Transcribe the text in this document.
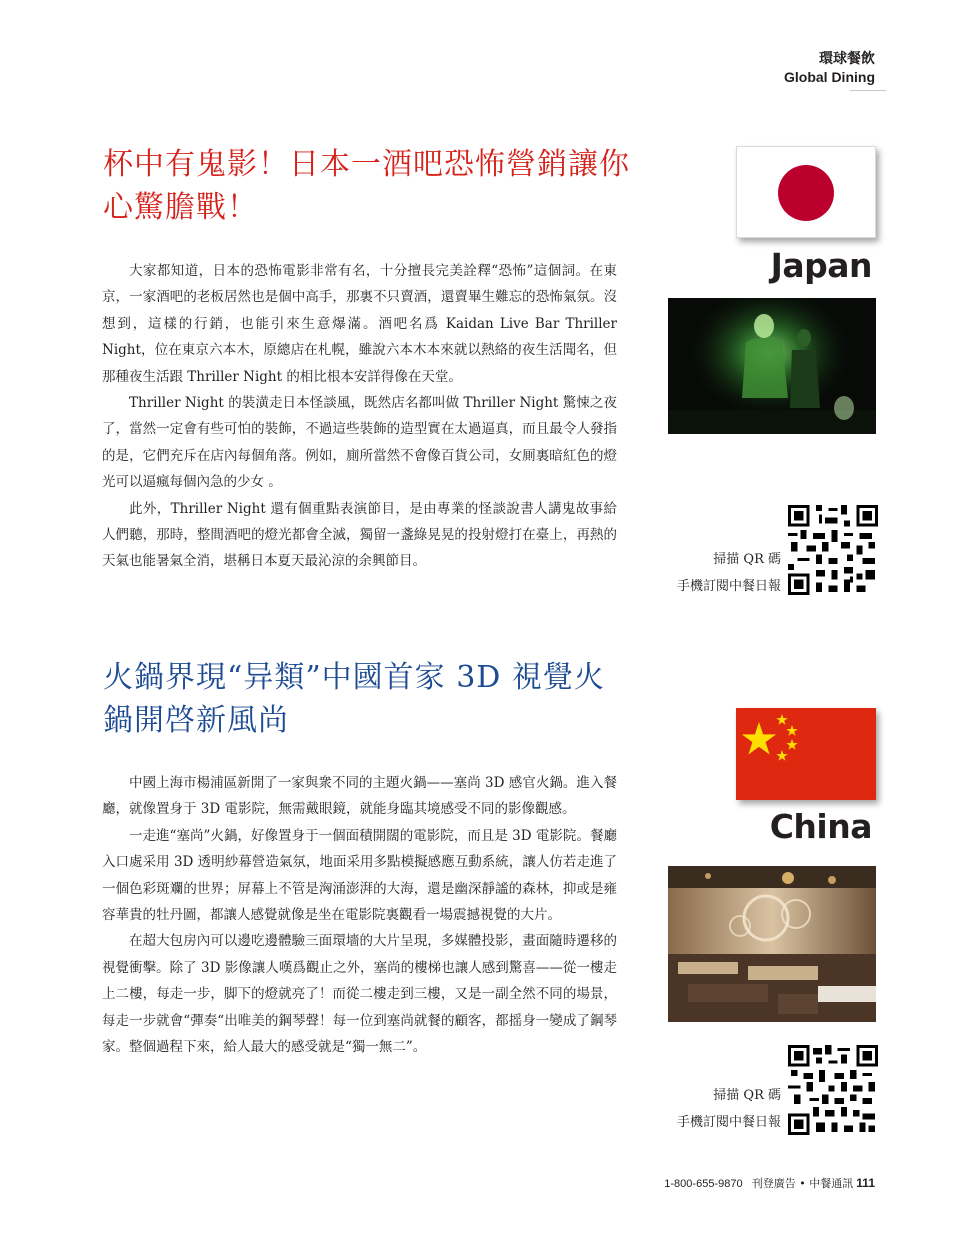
環球餐飲
Global Dining
杯中有鬼影！日本一酒吧恐怖營銷讓你心驚膽戰！

大家都知道，日本的恐怖電影非常有名，十分擅長完美詮釋“恐怖”這個詞。在東京，一家酒吧的老板居然也是個中高手，那裏不只賣酒，還賣畢生難忘的恐怖氣氛。沒想到，這樣的行銷，也能引來生意爆滿。酒吧名爲 Kaidan Live Bar Thriller Night，位在東京六本木，原總店在札幌，雖說六本木本來就以熱絡的夜生活聞名，但那種夜生活跟 Thriller Night 的相比根本安詳得像在天堂。

Thriller Night 的裝潢走日本怪談風，既然店名都叫做 Thriller Night 驚悚之夜了，當然一定會有些可怕的裝飾，不過這些裝飾的造型實在太過逼真，而且最令人發指的是，它們充斥在店內每個角落。例如，廁所當然不會像百貨公司，女厠裏暗紅色的燈光可以逼瘋每個內急的少女 。

此外，Thriller Night 還有個重點表演節目，是由專業的怪談說書人講鬼故事給人們聽，那時，整間酒吧的燈光都會全滅，獨留一盞綠晃晃的投射燈打在臺上，再熱的天氣也能暑氣全消，堪稱日本夏天最沁涼的余興節目。

Japan
掃描 QR 碼
手機訂閱中餐日報
火鍋界現“异類”中國首家 3D 視覺火鍋開啓新風尚

中國上海市楊浦區新開了一家與衆不同的主題火鍋——塞尚 3D 感官火鍋。進入餐廳，就像置身于 3D 電影院，無需戴眼鏡，就能身臨其境感受不同的影像觀感。

一走進“塞尚”火鍋，好像置身于一個面積開闊的電影院，而且是 3D 電影院。餐廳入口處采用 3D 透明紗幕營造氣氛，地面采用多點模擬感應互動系統，讓人仿若走進了一個色彩斑斕的世界；屏幕上不管是洶涌澎湃的大海，還是幽深靜謐的森林，抑或是雍容華貴的牡丹圖，都讓人感覺就像是坐在電影院裏觀看一場震撼視覺的大片。

在超大包房內可以邊吃邊體驗三面環墻的大片呈現，多媒體投影，畫面隨時遷移的視覺衝擊。除了 3D 影像讓人嘆爲觀止之外，塞尚的樓梯也讓人感到驚喜——從一樓走上二樓，每走一步，脚下的燈就亮了！而從二樓走到三樓，又是一副全然不同的場景，每走一步就會“彈奏“出唯美的鋼琴聲！每一位到塞尚就餐的顧客，都摇身一變成了鋼琴家。整個過程下來，給人最大的感受就是“獨一無二”。

China
掃描 QR 碼
手機訂閱中餐日報
1-800-655-9870 刊登廣告 • 中餐通訊 111
